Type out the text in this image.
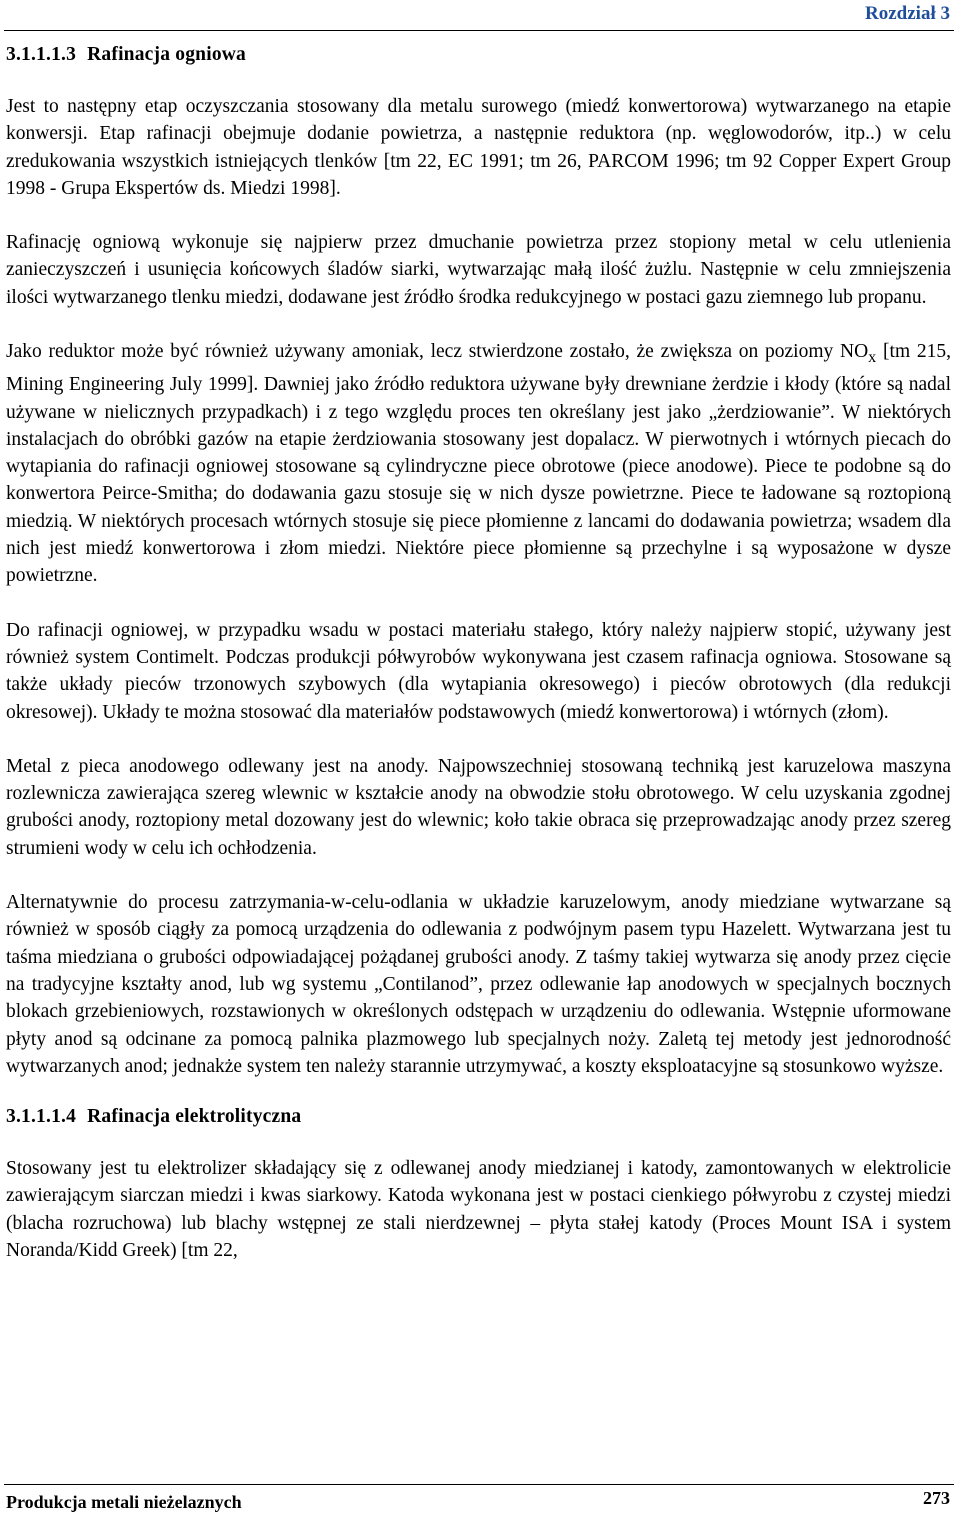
Rozdział 3
3.1.1.1.3 Rafinacja ogniowa

Jest to następny etap oczyszczania stosowany dla metalu surowego (miedź konwertorowa) wytwarzanego na etapie konwersji. Etap rafinacji obejmuje dodanie powietrza, a następnie reduktora (np. węglowodorów, itp..) w celu zredukowania wszystkich istniejących tlenków [tm 22, EC 1991; tm 26, PARCOM 1996; tm 92 Copper Expert Group 1998 - Grupa Ekspertów ds. Miedzi 1998].

Rafinację ogniową wykonuje się najpierw przez dmuchanie powietrza przez stopiony metal w celu utlenienia zanieczyszczeń i usunięcia końcowych śladów siarki, wytwarzając małą ilość żużlu. Następnie w celu zmniejszenia ilości wytwarzanego tlenku miedzi, dodawane jest źródło środka redukcyjnego w postaci gazu ziemnego lub propanu.

Jako reduktor może być również używany amoniak, lecz stwierdzone zostało, że zwiększa on poziomy $NO_x$ [tm 215, Mining Engineering July 1999]. Dawniej jako źródło reduktora używane były drewniane żerdzie i kłody (które są nadal używane w nielicznych przypadkach) i z tego względu proces ten określany jest jako „żerdziowanie”. W niektórych instalacjach do obróbki gazów na etapie żerdziowania stosowany jest dopalacz. W pierwotnych i wtórnych piecach do wytapiania do rafinacji ogniowej stosowane są cylindryczne piece obrotowe (piece anodowe). Piece te podobne są do konwertora Peirce-Smitha; do dodawania gazu stosuje się w nich dysze powietrzne. Piece te ładowane są roztopioną miedzią. W niektórych procesach wtórnych stosuje się piece płomienne z lancami do dodawania powietrza; wsadem dla nich jest miedź konwertorowa i złom miedzi. Niektóre piece płomienne są przechylne i są wyposażone w dysze powietrzne.

Do rafinacji ogniowej, w przypadku wsadu w postaci materiału stałego, który należy najpierw stopić, używany jest również system Contimelt. Podczas produkcji półwyrobów wykonywana jest czasem rafinacja ogniowa. Stosowane są także układy pieców trzonowych szybowych (dla wytapiania okresowego) i pieców obrotowych (dla redukcji okresowej). Układy te można stosować dla materiałów podstawowych (miedź konwertorowa) i wtórnych (złom).

Metal z pieca anodowego odlewany jest na anody. Najpowszechniej stosowaną techniką jest karuzelowa maszyna rozlewnicza zawierająca szereg wlewnic w kształcie anody na obwodzie stołu obrotowego. W celu uzyskania zgodnej grubości anody, roztopiony metal dozowany jest do wlewnic; koło takie obraca się przeprowadzając anody przez szereg strumieni wody w celu ich ochłodzenia.

Alternatywnie do procesu zatrzymania-w-celu-odlania w układzie karuzelowym, anody miedziane wytwarzane są również w sposób ciągły za pomocą urządzenia do odlewania z podwójnym pasem typu Hazelett. Wytwarzana jest tu taśma miedziana o grubości odpowiadającej pożądanej grubości anody. Z taśmy takiej wytwarza się anody przez cięcie na tradycyjne kształty anod, lub wg systemu „Contilanod”, przez odlewanie łap anodowych w specjalnych bocznych blokach grzebieniowych, rozstawionych w określonych odstępach w urządzeniu do odlewania. Wstępnie uformowane płyty anod są odcinane za pomocą palnika plazmowego lub specjalnych noży. Zaletą tej metody jest jednorodność wytwarzanych anod; jednakże system ten należy starannie utrzymywać, a koszty eksploatacyjne są stosunkowo wyższe.

3.1.1.1.4 Rafinacja elektrolityczna

Stosowany jest tu elektrolizer składający się z odlewanej anody miedzianej i katody, zamontowanych w elektrolicie zawierającym siarczan miedzi i kwas siarkowy. Katoda wykonana jest w postaci cienkiego półwyrobu z czystej miedzi (blacha rozruchowa) lub blachy wstępnej ze stali nierdzewnej – płyta stałej katody (Proces Mount ISA i system Noranda/Kidd Greek) [tm 22,

Produkcja metali nieżelaznych	273
